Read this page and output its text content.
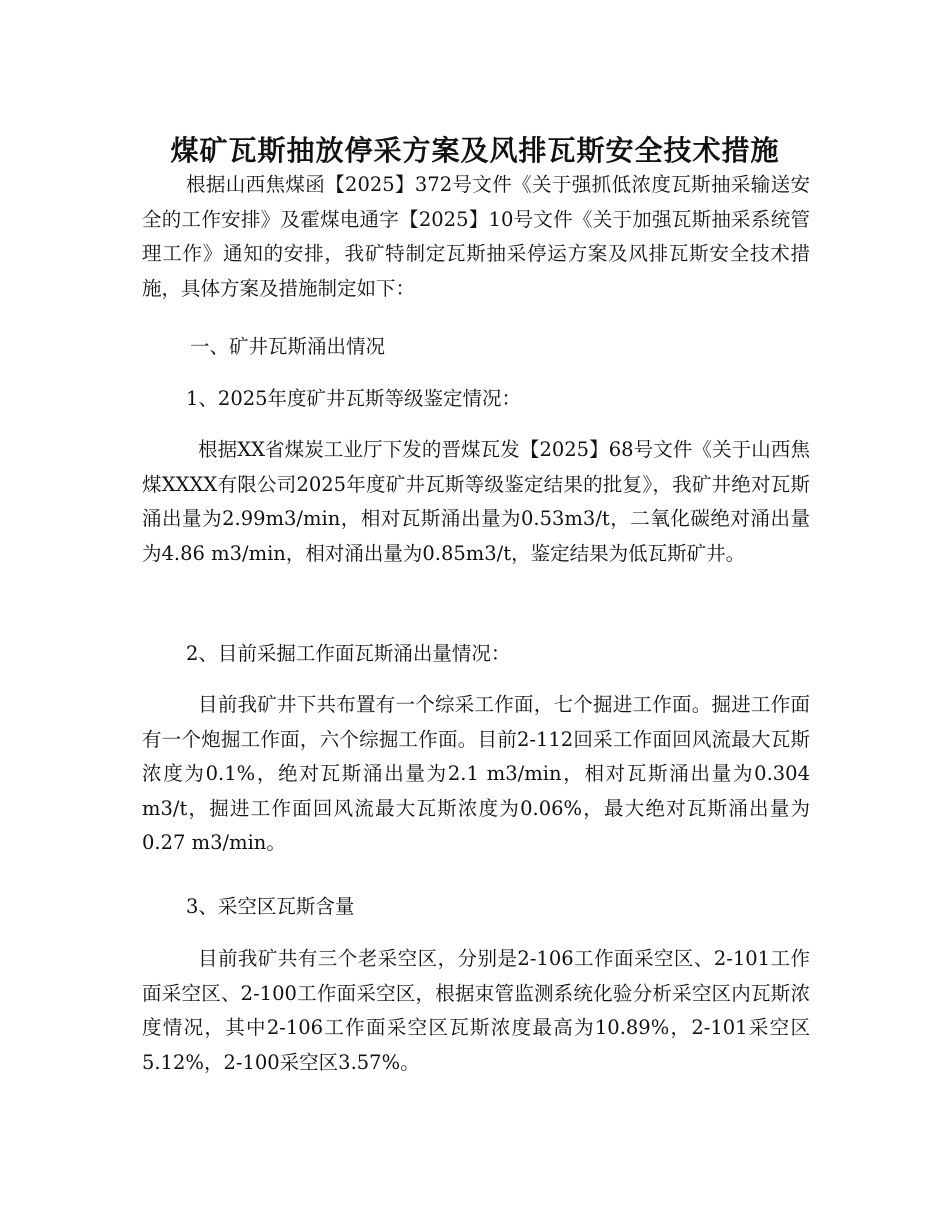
煤矿瓦斯抽放停采方案及风排瓦斯安全技术措施

根据山西焦煤函【2025】372号文件《关于强抓低浓度瓦斯抽采输送安全的工作安排》及霍煤电通字【2025】10号文件《关于加强瓦斯抽采系统管理工作》通知的安排，我矿特制定瓦斯抽采停运方案及风排瓦斯安全技术措施，具体方案及措施制定如下：

一、矿井瓦斯涌出情况

1、2025年度矿井瓦斯等级鉴定情况：

根据XX省煤炭工业厅下发的晋煤瓦发【2025】68号文件《关于山西焦煤XXXX有限公司2025年度矿井瓦斯等级鉴定结果的批复》，我矿井绝对瓦斯涌出量为2.99m3/min，相对瓦斯涌出量为0.53m3/t，二氧化碳绝对涌出量为4.86 m3/min，相对涌出量为0.85m3/t，鉴定结果为低瓦斯矿井。

2、目前采掘工作面瓦斯涌出量情况：

目前我矿井下共布置有一个综采工作面，七个掘进工作面。掘进工作面有一个炮掘工作面，六个综掘工作面。目前2-112回采工作面回风流最大瓦斯浓度为0.1%，绝对瓦斯涌出量为2.1 m3/min，相对瓦斯涌出量为0.304 m3/t，掘进工作面回风流最大瓦斯浓度为0.06%，最大绝对瓦斯涌出量为0.27 m3/min。

3、采空区瓦斯含量

目前我矿共有三个老采空区，分别是2-106工作面采空区、2-101工作面采空区、2-100工作面采空区，根据束管监测系统化验分析采空区内瓦斯浓度情况，其中2-106工作面采空区瓦斯浓度最高为10.89%，2-101采空区5.12%，2-100采空区3.57%。
